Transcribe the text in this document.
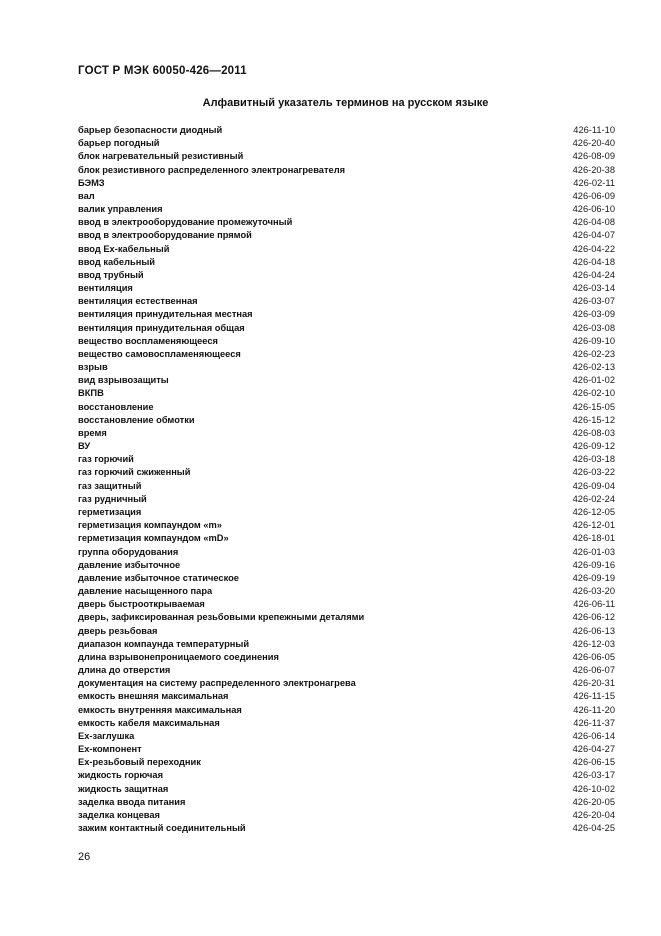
ГОСТ Р МЭК 60050-426—2011
Алфавитный указатель терминов на русском языке
барьер безопасности диодный	426-11-10
барьер погодный	426-20-40
блок нагревательный резистивный	426-08-09
блок резистивного распределенного электронагревателя	426-20-38
БЭМЗ	426-02-11
вал	426-06-09
валик управления	426-06-10
ввод в электрооборудование промежуточный	426-04-08
ввод в электрооборудование прямой	426-04-07
ввод Ex-кабельный	426-04-22
ввод кабельный	426-04-18
ввод трубный	426-04-24
вентиляция	426-03-14
вентиляция естественная	426-03-07
вентиляция принудительная местная	426-03-09
вентиляция принудительная общая	426-03-08
вещество воспламеняющееся	426-09-10
вещество самовоспламеняющееся	426-02-23
взрыв	426-02-13
вид взрывозащиты	426-01-02
ВКПВ	426-02-10
восстановление	426-15-05
восстановление обмотки	426-15-12
время	426-08-03
ВУ	426-09-12
газ горючий	426-03-18
газ горючий сжиженный	426-03-22
газ защитный	426-09-04
газ рудничный	426-02-24
герметизация	426-12-05
герметизация компаундом «m»	426-12-01
герметизация компаундом «mD»	426-18-01
группа оборудования	426-01-03
давление избыточное	426-09-16
давление избыточное статическое	426-09-19
давление насыщенного пара	426-03-20
дверь быстрооткрываемая	426-06-11
дверь, зафиксированная резьбовыми крепежными деталями	426-06-12
дверь резьбовая	426-06-13
диапазон компаунда температурный	426-12-03
длина взрывонепроницаемого соединения	426-06-05
длина до отверстия	426-06-07
документация на систему распределенного электронагрева	426-20-31
емкость внешняя максимальная	426-11-15
емкость внутренняя максимальная	426-11-20
емкость кабеля максимальная	426-11-37
Ex-заглушка	426-06-14
Ex-компонент	426-04-27
Ex-резьбовый переходник	426-06-15
жидкость горючая	426-03-17
жидкость защитная	426-10-02
заделка ввода питания	426-20-05
заделка концевая	426-20-04
зажим контактный соединительный	426-04-25
26
